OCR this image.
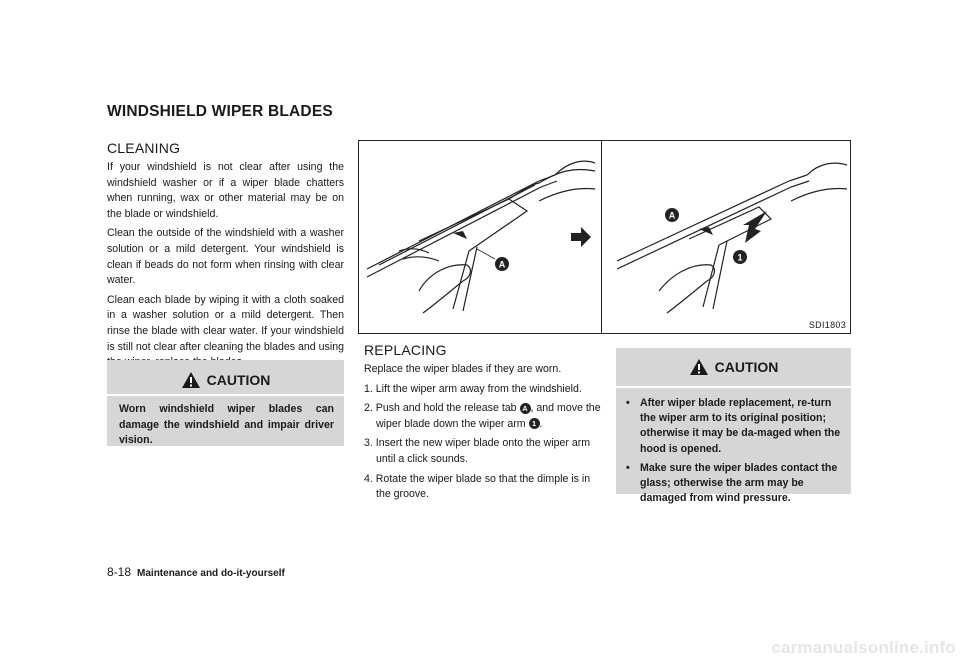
WINDSHIELD WIPER BLADES
CLEANING

If your windshield is not clear after using the windshield washer or if a wiper blade chatters when running, wax or other material may be on the blade or windshield.

Clean the outside of the windshield with a washer solution or a mild detergent. Your windshield is clean if beads do not form when rinsing with clear water.

Clean each blade by wiping it with a cloth soaked in a washer solution or a mild detergent. Then rinse the blade with clear water. If your windshield is still not clear after cleaning the blades and using

CAUTION
Worn windshield wiper blades can damage the windshield and impair driver vision.
A
A
1
SDI1803
REPLACING

Replace the wiper blades if they are worn.

1. Lift the wiper arm away from the windshield.
2. Push and hold the release tab A , and move the wiper blade down the wiper arm 1 .
3. Insert the new wiper blade onto the wiper arm until a click sounds.
4. Rotate the wiper blade so that the dimple is in the groove.
CAUTION
• After wiper blade replacement, re-turn the wiper arm to its original position; otherwise it may be da-maged when the hood is opened.
• Make sure the wiper blades contact the glass; otherwise the arm may be damaged from wind pressure.
8-18 Maintenance and do-it-yourself
carmanualsonline.info
